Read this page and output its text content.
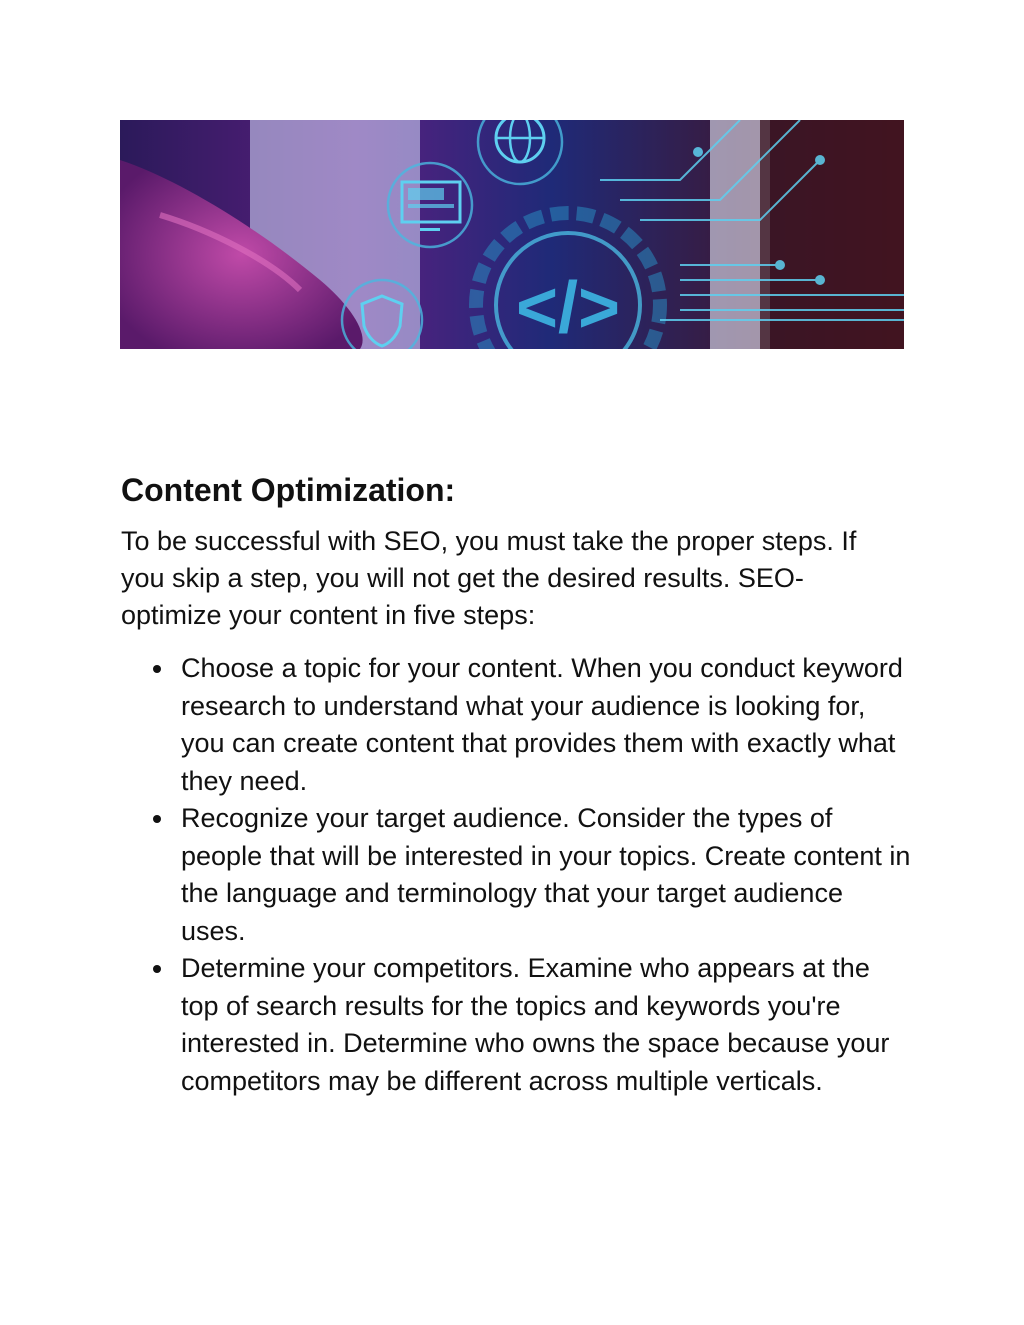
</>
Content Optimization:

To be successful with SEO, you must take the proper steps. If you skip a step, you will not get the desired results. SEO-optimize your content in five steps:

Choose a topic for your content. When you conduct keyword research to understand what your audience is looking for, you can create content that provides them with exactly what they need.
Recognize your target audience. Consider the types of people that will be interested in your topics. Create content in the language and terminology that your target audience uses.
Determine your competitors. Examine who appears at the top of search results for the topics and keywords you're interested in. Determine who owns the space because your competitors may be different across multiple verticals.
